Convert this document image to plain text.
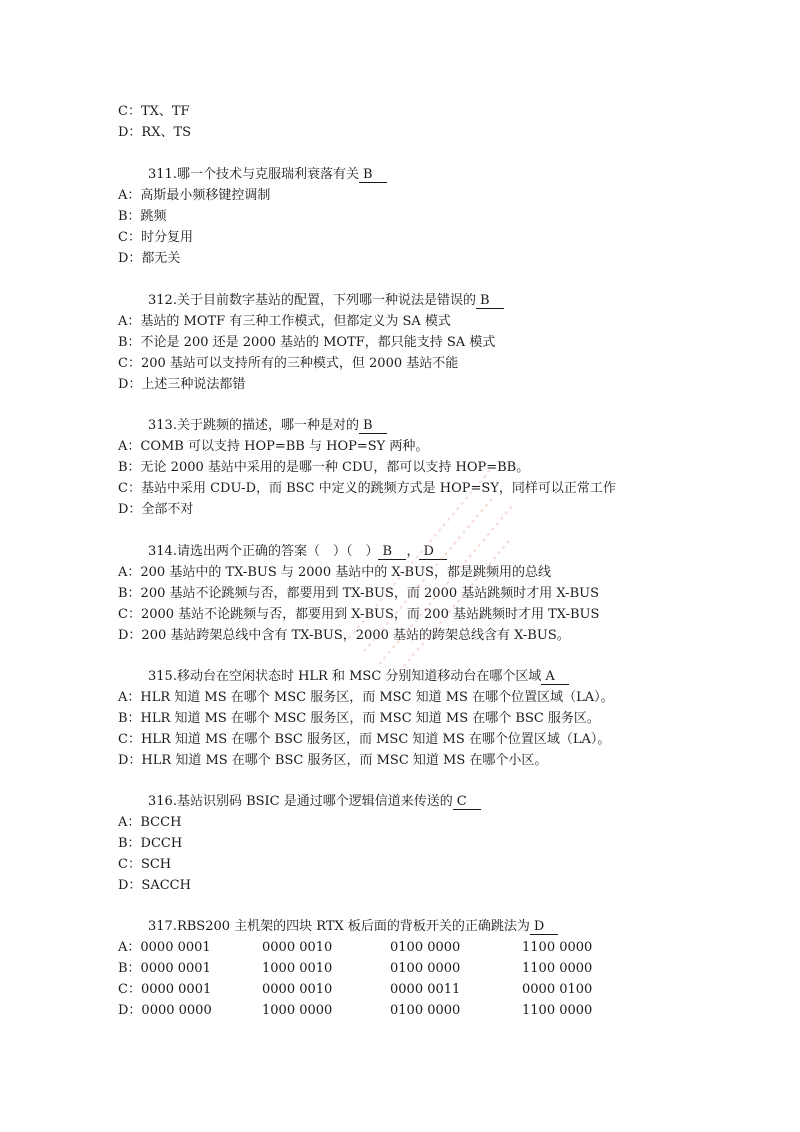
C：TX、TF
D：RX、TS
311.哪一个技术与克服瑞利衰落有关 B
A：高斯最小频移键控调制
B：跳频
C：时分复用
D：都无关
312.关于目前数字基站的配置，下列哪一种说法是错误的 B
A：基站的 MOTF 有三种工作模式，但都定义为 SA 模式
B：不论是 200 还是 2000 基站的 MOTF，都只能支持 SA 模式
C：200 基站可以支持所有的三种模式，但 2000 基站不能
D：上述三种说法都错
313.关于跳频的描述，哪一种是对的 B
A：COMB 可以支持 HOP=BB 与 HOP=SY 两种。
B：无论 2000 基站中采用的是哪一种 CDU，都可以支持 HOP=BB。
C：基站中采用 CDU-D，而 BSC 中定义的跳频方式是 HOP=SY，同样可以正常工作
D：全部不对
314.请选出两个正确的答案（　）（　） B ， D
A：200 基站中的 TX-BUS 与 2000 基站中的 X-BUS，都是跳频用的总线
B：200 基站不论跳频与否，都要用到 TX-BUS，而 2000 基站跳频时才用 X-BUS
C：2000 基站不论跳频与否，都要用到 X-BUS，而 200 基站跳频时才用 TX-BUS
D：200 基站跨架总线中含有 TX-BUS，2000 基站的跨架总线含有 X-BUS。
315.移动台在空闲状态时 HLR 和 MSC 分别知道移动台在哪个区域 A
A：HLR 知道 MS 在哪个 MSC 服务区，而 MSC 知道 MS 在哪个位置区域（LA）。
B：HLR 知道 MS 在哪个 MSC 服务区，而 MSC 知道 MS 在哪个 BSC 服务区。
C：HLR 知道 MS 在哪个 BSC 服务区，而 MSC 知道 MS 在哪个位置区域（LA）。
D：HLR 知道 MS 在哪个 BSC 服务区，而 MSC 知道 MS 在哪个小区。
316.基站识别码 BSIC 是通过哪个逻辑信道来传送的 C
A：BCCH
B：DCCH
C：SCH
D：SACCH
317.RBS200 主机架的四块 RTX 板后面的背板开关的正确跳法为 D
A：0000 0001	0000 0010	0100 0000	1100 0000
B：0000 0001	1000 0010	0100 0000	1100 0000
C：0000 0001	0000 0010	0000 0011	0000 0100
D：0000 0000	1000 0000	0100 0000	1100 0000
